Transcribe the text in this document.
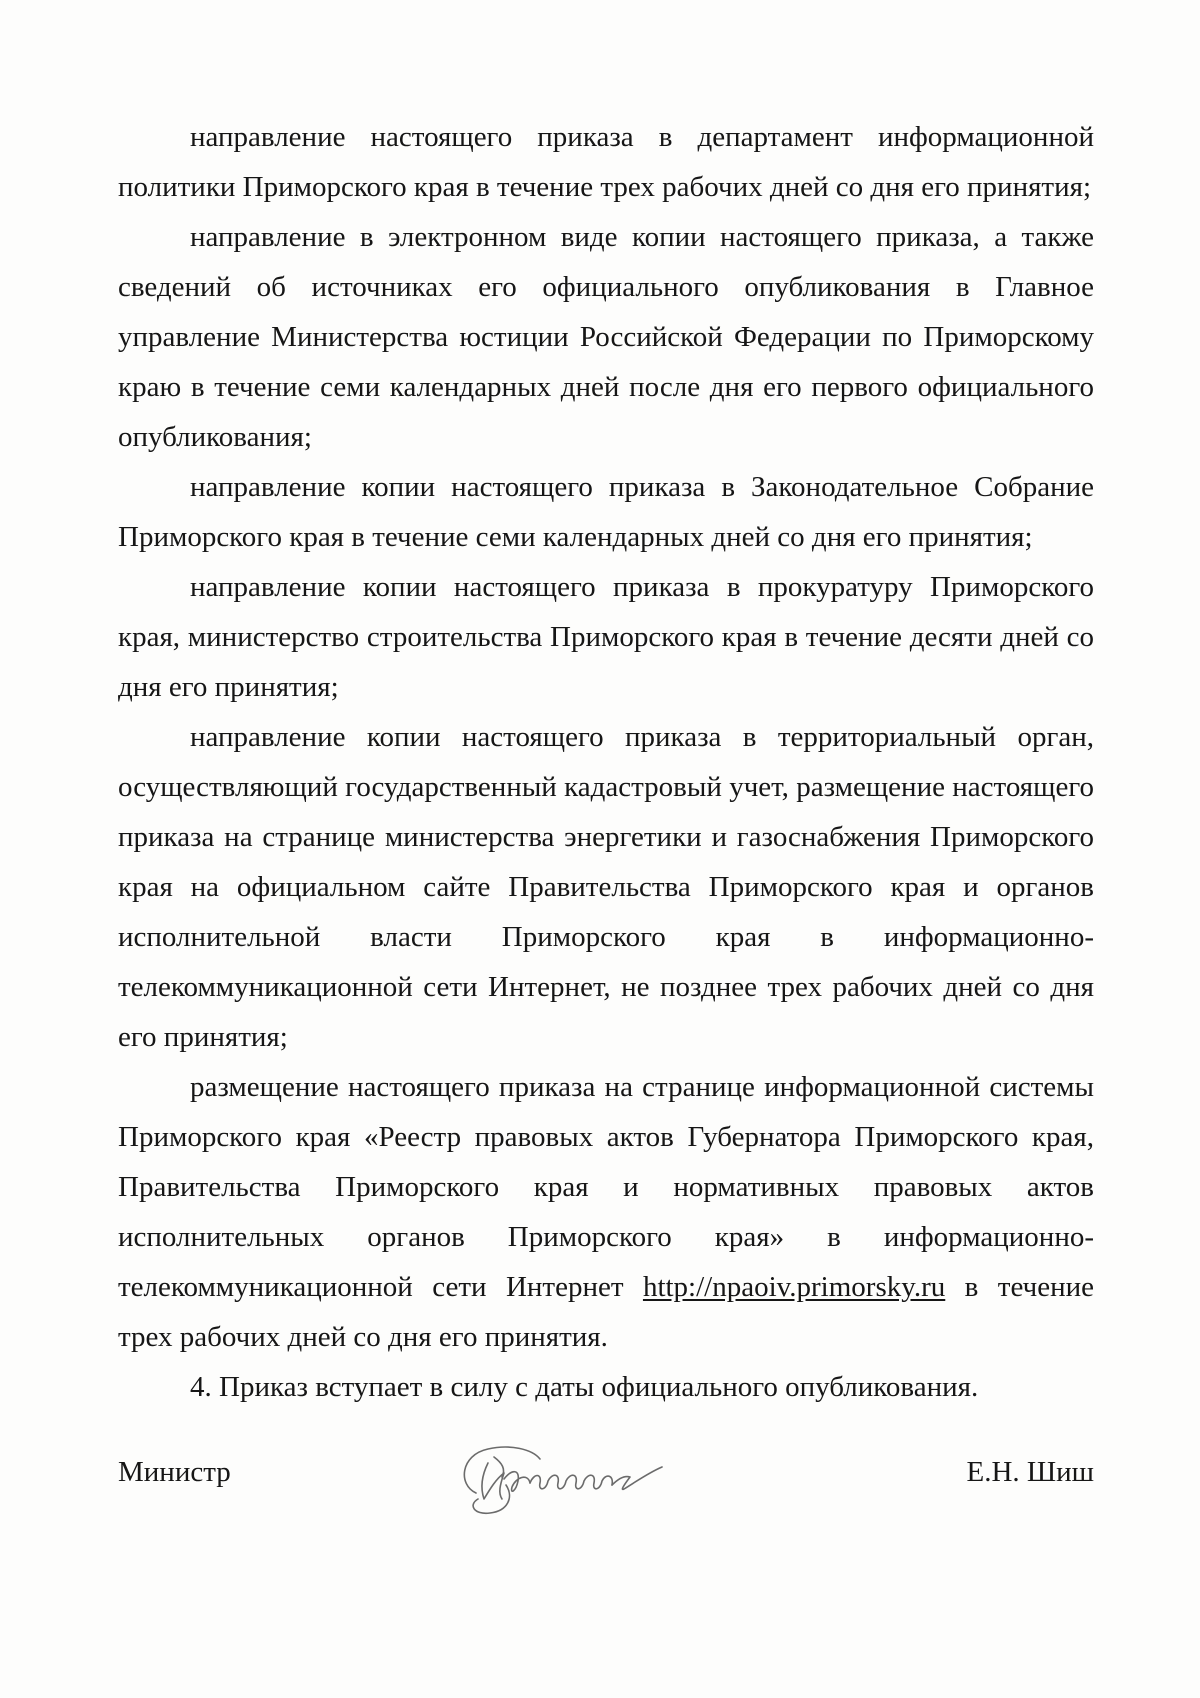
направление настоящего приказа в департамент информационной политики Приморского края в течение трех рабочих дней со дня его принятия;

направление в электронном виде копии настоящего приказа, а также сведений об источниках его официального опубликования в Главное управление Министерства юстиции Российской Федерации по Приморскому краю в течение семи календарных дней после дня его первого официального опубликования;

направление копии настоящего приказа в Законодательное Собрание Приморского края в течение семи календарных дней со дня его принятия;

направление копии настоящего приказа в прокуратуру Приморского края, министерство строительства Приморского края в течение десяти дней со дня его принятия;

направление копии настоящего приказа в территориальный орган, осуществляющий государственный кадастровый учет, размещение настоящего приказа на странице министерства энергетики и газоснабжения Приморского края на официальном сайте Правительства Приморского края и органов исполнительной власти Приморского края в информационно-телекоммуникационной сети Интернет, не позднее трех рабочих дней со дня его принятия;

размещение настоящего приказа на странице информационной системы Приморского края «Реестр правовых актов Губернатора Приморского края, Правительства Приморского края и нормативных правовых актов исполнительных органов Приморского края» в информационно-телекоммуникационной сети Интернет http://npaoiv.primorsky.ru в течение трех рабочих дней со дня его принятия.

4. Приказ вступает в силу с даты официального опубликования.

Министр	Е.Н. Шиш
